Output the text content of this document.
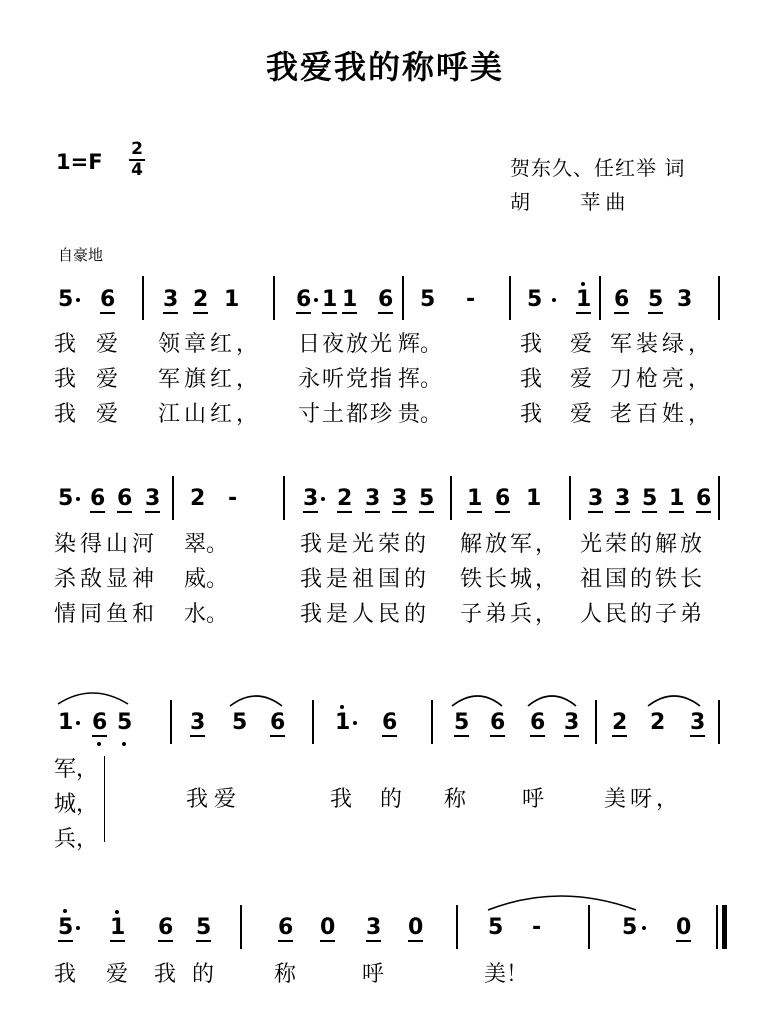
我爱我的称呼美
1=F
2
4	贺东久、任红举 词
胡    苹曲
自豪地
5 6 3 2 1	6 1 1 6 5 - 5 1 6 5 3
我 爱 领章红， 日夜放光 辉。	我 爱 军装绿，
我 爱 军旗红， 永听党指 挥。	我 爱 刀枪亮，
我 爱 江山红， 寸土都珍 贵。	我 爱 老百姓，
5 6 6 3 2 -	3 2 3 3 5 1 6 1 3 3 5 1 6
染得山河 翠。	我是光荣的 解放军， 光荣的解放
杀敌显神 威。	我是祖国的 铁长城， 祖国的铁长
情同鱼和 水。	我是人民的 子弟兵， 人民的子弟
1 6 5	3 5 6 1 6	5 6 6 3 2 2 3
军，
城，
兵，
我爱	我 的 称	呼	美呀，
5 1 6 5	6 0 3 0	5 -	5 0
我 爱 我 的	称	呼	美！
